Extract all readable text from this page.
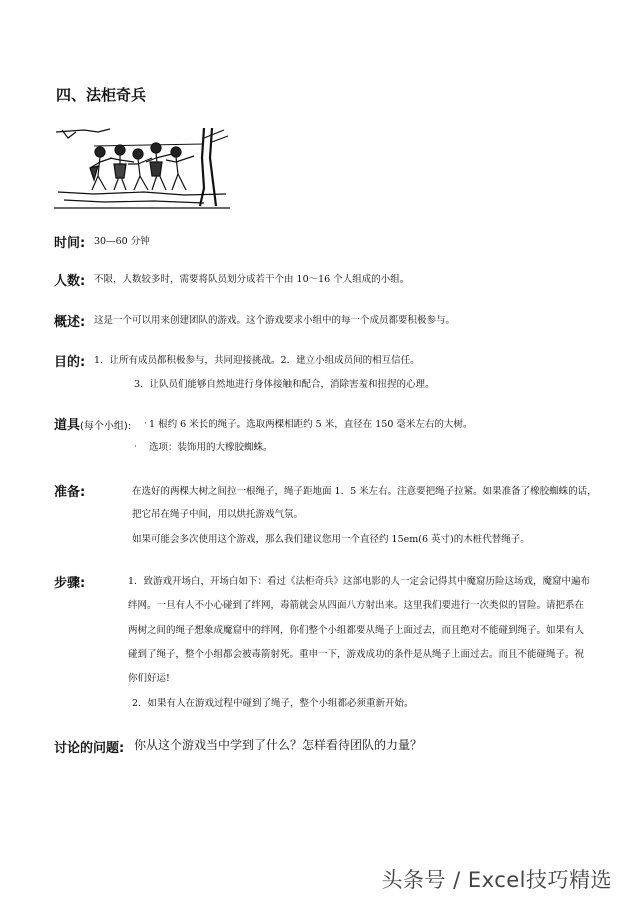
四、法柜奇兵
时间: 30—60 分钟
人数: 不限，人数较多时，需要将队员划分成若干个由 10～16 个人组成的小组。
概述: 这是一个可以用来创建团队的游戏。这个游戏要求小组中的每一个成员都要积极参与。
目的: 1．让所有成员都积极参与，共同迎接挑战。2．建立小组成员间的相互信任。
3．让队员们能够自然地进行身体接触和配合，消除害羞和扭捏的心理。
道具(每个小组): · 1 根约 6 米长的绳子。选取两棵相距约 5 米，直径在 150 毫米左右的大树。
· 选项：装饰用的大橡胶蜘蛛。
准备:	在选好的两棵大树之间拉一根绳子，绳子距地面 1．5 米左右。注意要把绳子拉紧。如果准备了橡胶蜘蛛的话，
把它吊在绳子中间，用以烘托游戏气氛。
如果可能会多次使用这个游戏，那么我们建议您用一个直径约 15em(6 英寸)的木桩代替绳子。
步骤:	1．致游戏开场白，开场白如下：看过《法柜奇兵》这部电影的人一定会记得其中魔窟历险这场戏，魔窟中遍布
绊网。一旦有人不小心碰到了绊网，毒箭就会从四面八方射出来。这里我们要进行一次类似的冒险。请把系在
两树之间的绳子想象成魔窟中的绊网，你们整个小组都要从绳子上面过去，而且绝对不能碰到绳子。如果有人
碰到了绳子，整个小组都会被毒箭射死。重申一下，游戏成功的条件是从绳子上面过去。而且不能碰绳子。祝
你们好运!
2．如果有人在游戏过程中碰到了绳子，整个小组都必须重新开始。
讨论的问题: 你从这个游戏当中学到了什么？怎样看待团队的力量？
头条号 / Excel技巧精选
